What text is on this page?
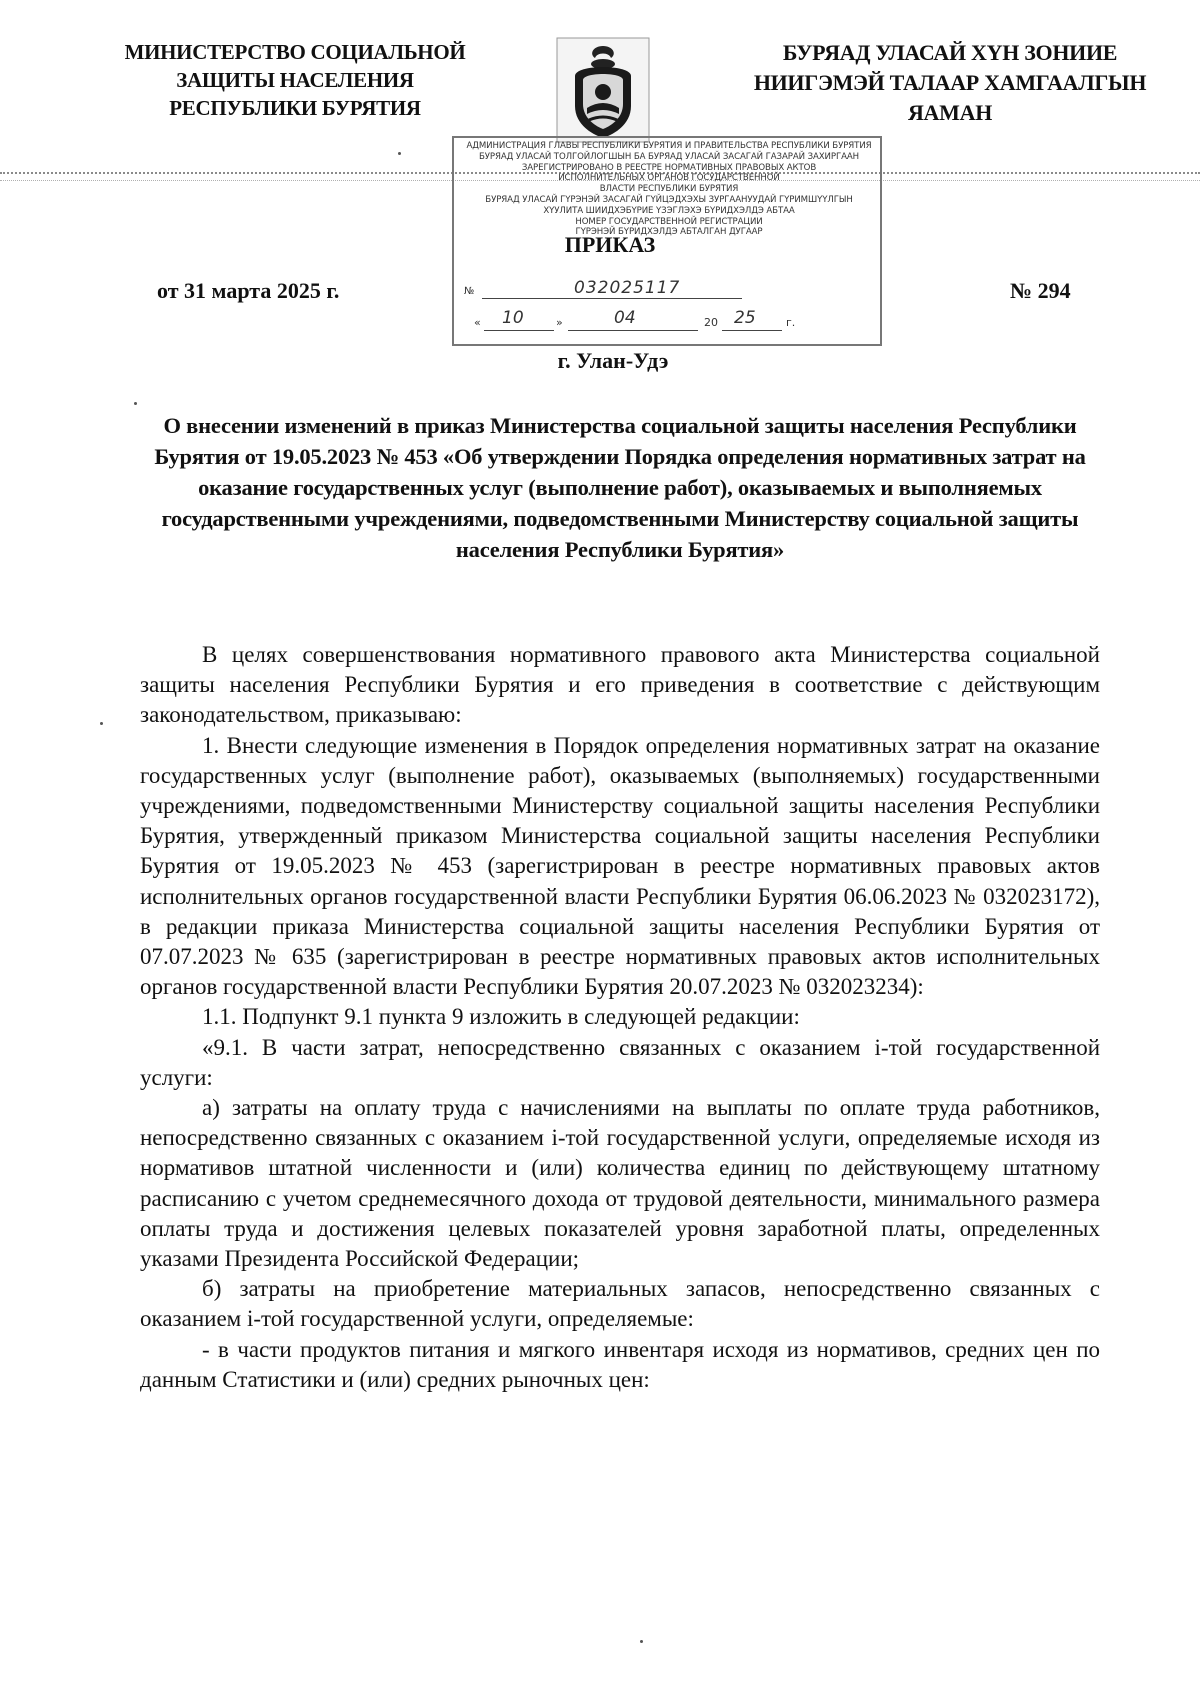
МИНИСТЕРСТВО СОЦИАЛЬНОЙ
ЗАЩИТЫ НАСЕЛЕНИЯ
РЕСПУБЛИКИ БУРЯТИЯ
БУРЯАД УЛАСАЙ ХҮН ЗОНИИЕ
НИИГЭМЭЙ ТАЛААР ХАМГААЛГЫН
ЯАМАН
АДМИНИСТРАЦИЯ ГЛАВЫ РЕСПУБЛИКИ БУРЯТИЯ И ПРАВИТЕЛЬСТВА РЕСПУБЛИКИ БУРЯТИЯ
БУРЯАД УЛАСАЙ ТОЛГОЙЛОГШЫН БА БУРЯАД УЛАСАЙ ЗАСАГАЙ ГАЗАРАЙ ЗАХИРГААН
ЗАРЕГИСТРИРОВАНО В РЕЕСТРЕ НОРМАТИВНЫХ ПРАВОВЫХ АКТОВ
ИСПОЛНИТЕЛЬНЫХ ОРГАНОВ ГОСУДАРСТВЕННОЙ
ВЛАСТИ РЕСПУБЛИКИ БУРЯТИЯ
БУРЯАД УЛАСАЙ ГҮРЭНЭЙ ЗАСАГАЙ ГҮЙЦЭДХЭХЫ ЗУРГААНУУДАЙ ГҮРИМШҮҮЛГЫН
ХҮУЛИТА ШИИДХЭБҮРИЕ ҮЗЭГЛЭХЭ БҮРИДХЭЛДЭ АБТАА
НОМЕР ГОСУДАРСТВЕННОЙ РЕГИСТРАЦИИ
ГҮРЭНЭЙ БҮРИДХЭЛДЭ АБТАЛГАН ДУГААР
№	032025117
« 10	»	04	20 25	г.
ПРИКАЗ
от 31 марта 2025 г.	№ 294
г. Улан-Удэ
О внесении изменений в приказ Министерства социальной защиты населения Республики Бурятия от 19.05.2023 № 453 «Об утверждении Порядка определения нормативных затрат на оказание государственных услуг (выполнение работ), оказываемых и выполняемых государственными учреждениями, подведомственными Министерству социальной защиты населения Республики Бурятия»

В целях совершенствования нормативного правового акта Министерства социальной защиты населения Республики Бурятия и его приведения в соответствие с действующим законодательством, приказываю:

1. Внести следующие изменения в Порядок определения нормативных затрат на оказание государственных услуг (выполнение работ), оказываемых (выполняемых) государственными учреждениями, подведомственными Министерству социальной защиты населения Республики Бурятия, утвержденный приказом Министерства социальной защиты населения Республики Бурятия от 19.05.2023 № 453 (зарегистрирован в реестре нормативных правовых актов исполнительных органов государственной власти Республики Бурятия 06.06.2023 № 032023172), в редакции приказа Министерства социальной защиты населения Республики Бурятия от 07.07.2023 № 635 (зарегистрирован в реестре нормативных правовых актов исполнительных органов государственной власти Республики Бурятия 20.07.2023 № 032023234):

1.1. Подпункт 9.1 пункта 9 изложить в следующей редакции:

«9.1. В части затрат, непосредственно связанных с оказанием i-той государственной услуги:

а) затраты на оплату труда с начислениями на выплаты по оплате труда работников, непосредственно связанных с оказанием i-той государственной услуги, определяемые исходя из нормативов штатной численности и (или) количества единиц по действующему штатному расписанию с учетом среднемесячного дохода от трудовой деятельности, минимального размера оплаты труда и достижения целевых показателей уровня заработной платы, определенных указами Президента Российской Федерации;

б) затраты на приобретение материальных запасов, непосредственно связанных с оказанием i-той государственной услуги, определяемые:

- в части продуктов питания и мягкого инвентаря исходя из нормативов, средних цен по данным Статистики и (или) средних рыночных цен:
